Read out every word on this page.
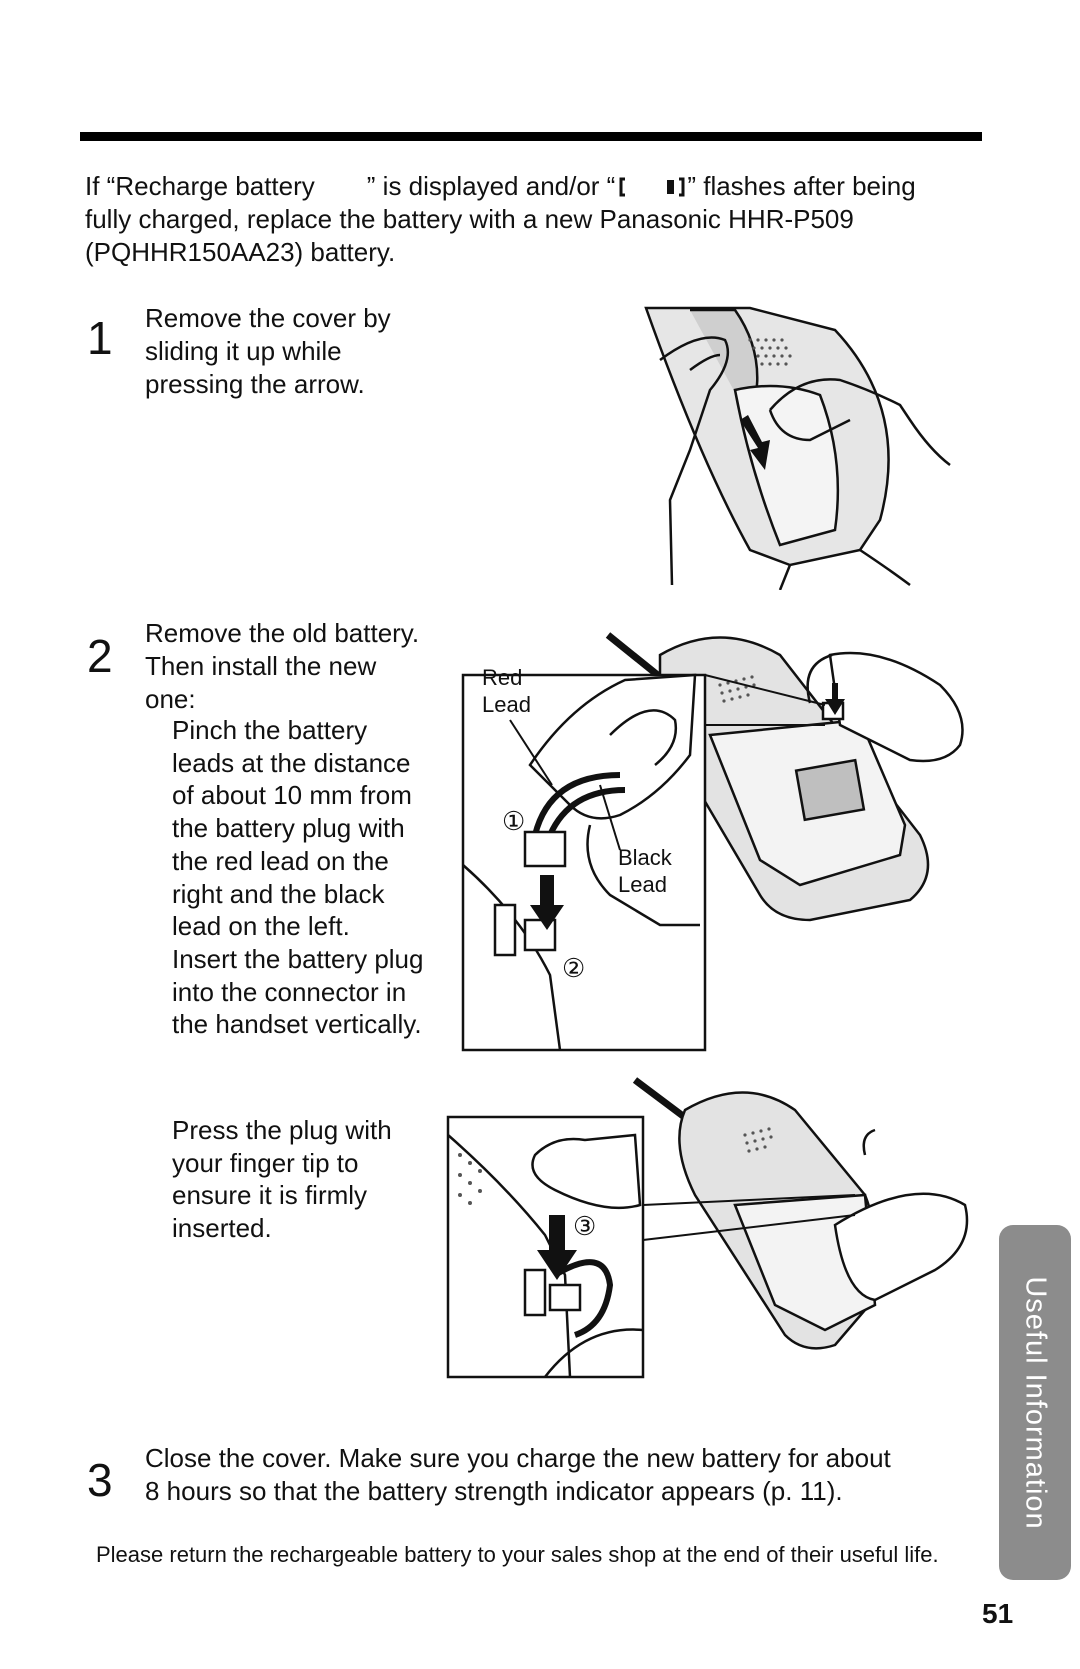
If “Recharge battery ” is displayed and/or “	” flashes after being
fully charged, replace the battery with a new Panasonic HHR-P509
(PQHHR150AA23) battery.
1 Remove the cover by
sliding it up while
pressing the arrow.
2 Remove the old battery.
Then install the new
one:
Pinch the battery
leads at the distance
of about 10 mm from
the battery plug with
the red lead on the
right and the black
lead on the left.
Insert the battery plug
into the connector in
the handset vertically.
Red
Lead
Black
Lead
①
②
Press the plug with
your finger tip to
ensure it is firmly
inserted.	③
3 Close the cover. Make sure you charge the new battery for about
8 hours so that the battery strength indicator appears (p. 11).
Please return the rechargeable battery to your sales shop at the end of their useful life.
Useful Information
51
